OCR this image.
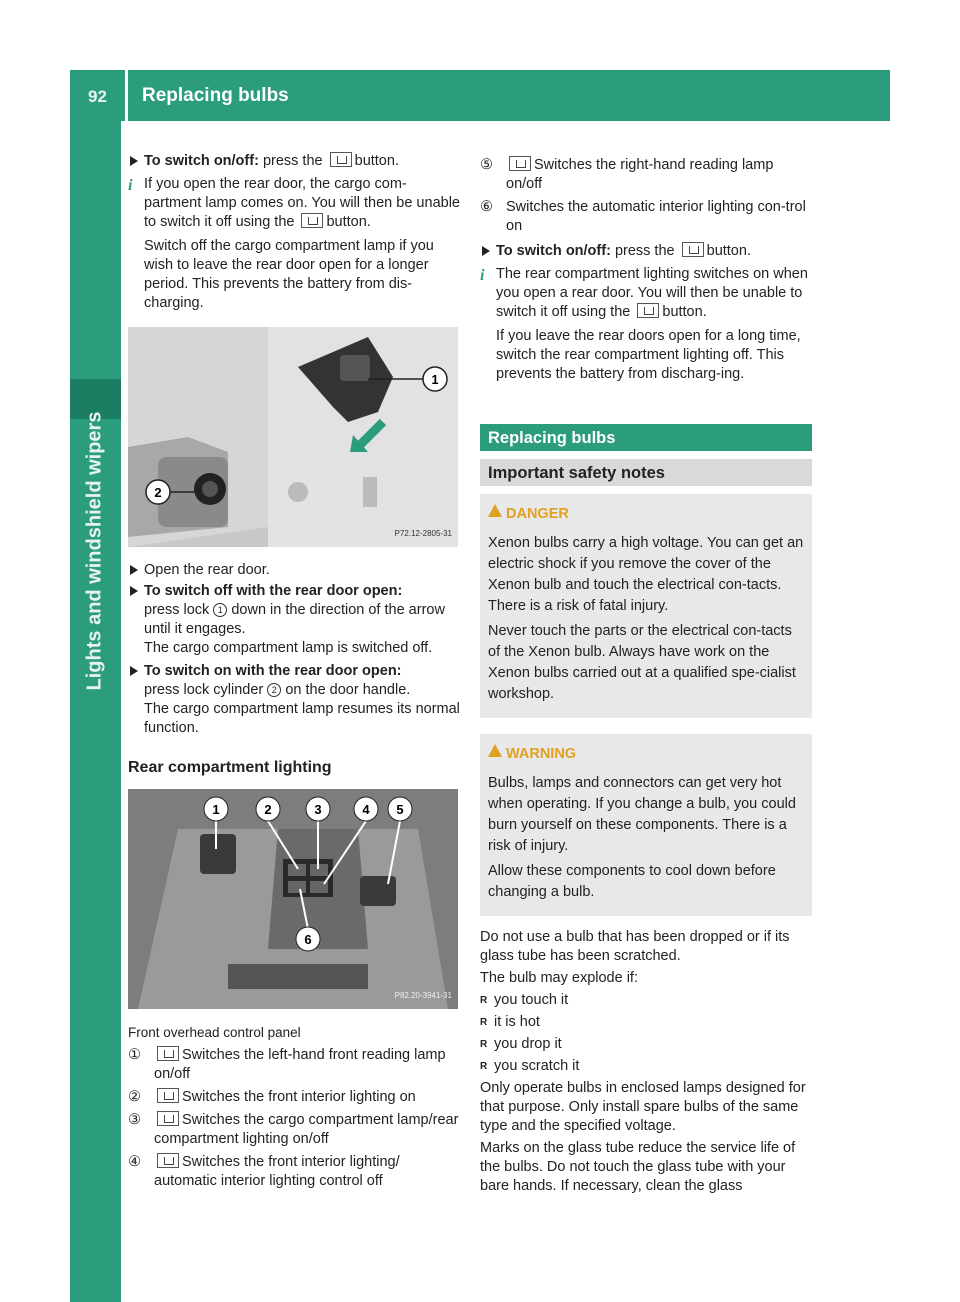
92 Replacing bulbs
Lights and windshield wipers

To switch on/off: press the button.

i If you open the rear door, the cargo com-partment lamp comes on. You will then be unable to switch it off using the button.

Switch off the cargo compartment lamp if you wish to leave the rear door open for a longer period. This prevents the battery from dis-charging.

1
2
P72.12-2805-31

Open the rear door.

To switch off with the rear door open:

press lock 1 down in the direction of the arrow until it engages.

The cargo compartment lamp is switched off.

To switch on with the rear door open:

press lock cylinder 2 on the door handle.

The cargo compartment lamp resumes its normal function.

Rear compartment lighting
1	2	3	4 5
6
P82.20-3941-31

Front overhead control panel

①	Switches the left-hand front reading lamp on/off
②	Switches the front interior lighting on
③	Switches the cargo compartment lamp/rear compartment lighting on/off
④	Switches the front interior lighting/ automatic interior lighting control off
⑤	Switches the right-hand reading lamp on/off
⑥ Switches the automatic interior lighting con-trol on

To switch on/off: press the button.

i The rear compartment lighting switches on when you open a rear door. You will then be unable to switch it off using the button.

If you leave the rear doors open for a long time, switch the rear compartment lighting off. This prevents the battery from discharg-ing.

Replacing bulbs
Important safety notes

DANGER

Xenon bulbs carry a high voltage. You can get an electric shock if you remove the cover of the Xenon bulb and touch the electrical con-tacts. There is a risk of fatal injury.

Never touch the parts or the electrical con-tacts of the Xenon bulb. Always have work on the Xenon bulbs carried out at a qualified spe-cialist workshop.

WARNING

Bulbs, lamps and connectors can get very hot when operating. If you change a bulb, you could burn yourself on these components. There is a risk of injury.

Allow these components to cool down before changing a bulb.

Do not use a bulb that has been dropped or if its glass tube has been scratched.

The bulb may explode if:

R you touch it

R it is hot

R you drop it

R you scratch it

Only operate bulbs in enclosed lamps designed for that purpose. Only install spare bulbs of the same type and the specified voltage.

Marks on the glass tube reduce the service life of the bulbs. Do not touch the glass tube with your bare hands. If necessary, clean the glass
